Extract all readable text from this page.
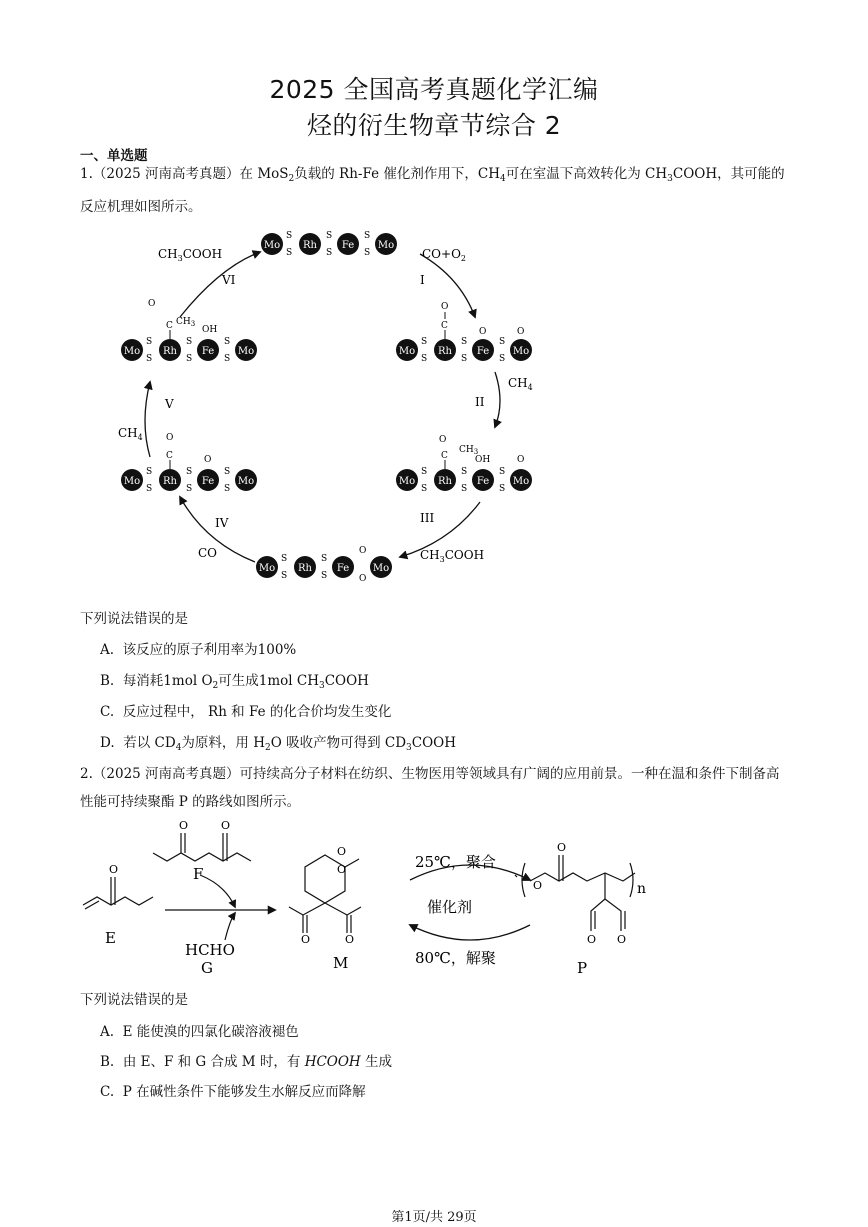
2025 全国高考真题化学汇编
烃的衍生物章节综合 2
一、单选题
1.（2025 河南高考真题）在 MoS$_2$负载的 Rh-Fe 催化剂作用下，$CH_4$可在室温下高效转化为 $CH_3COOH$，其可能的反应机理如图所示。
I
II
III
IV
V
VI
$CO+O_2$
$CH_4$
$CH_3COOH$
CO
$CH_4$
$CH_3COOH$
Mo
S
S
Rh
S
S
Fe
S
S
Mo
Mo
S
S
Rh
S
S
Fe
S
S
Mo
C
O
O	O
Mo
S
S
Rh
S
S
Fe
S
S
Mo
C
O
$CH_3$
OH	O
Mo
S
S
Rh
S
S
Fe
O
O
Mo
Mo
S
S
Rh
S
S
Fe
S
S
Mo
C
O
O
Mo
S
S
Rh
S
S
Fe
S
S
Mo
C
O
$CH_3$
OH
下列说法错误的是
A. 该反应的原子利用率为100%
B. 每消耗1mol $O_2$可生成1mol $CH_3COOH$
C. 反应过程中， Rh 和 Fe 的化合价均发生变化
D. 若以 $CD_4$为原料，用 $H_2O$ 吸收产物可得到 $CD_3COOH$
2.（2025 河南高考真题）可持续高分子材料在纺织、生物医用等领域具有广阔的应用前景。一种在温和条件下制备高性能可持续聚酯 P 的路线如图所示。
O
E
O	O
F
HCHO
G
O
O
O	O
M
25℃，聚合
催化剂
80℃，解聚
O
O	n
O O
P
下列说法错误的是
A. E 能使溴的四氯化碳溶液褪色
B. 由 E、F 和 G 合成 M 时，有 HCOOH 生成
C. P 在碱性条件下能够发生水解反应而降解
第1页/共 29页
